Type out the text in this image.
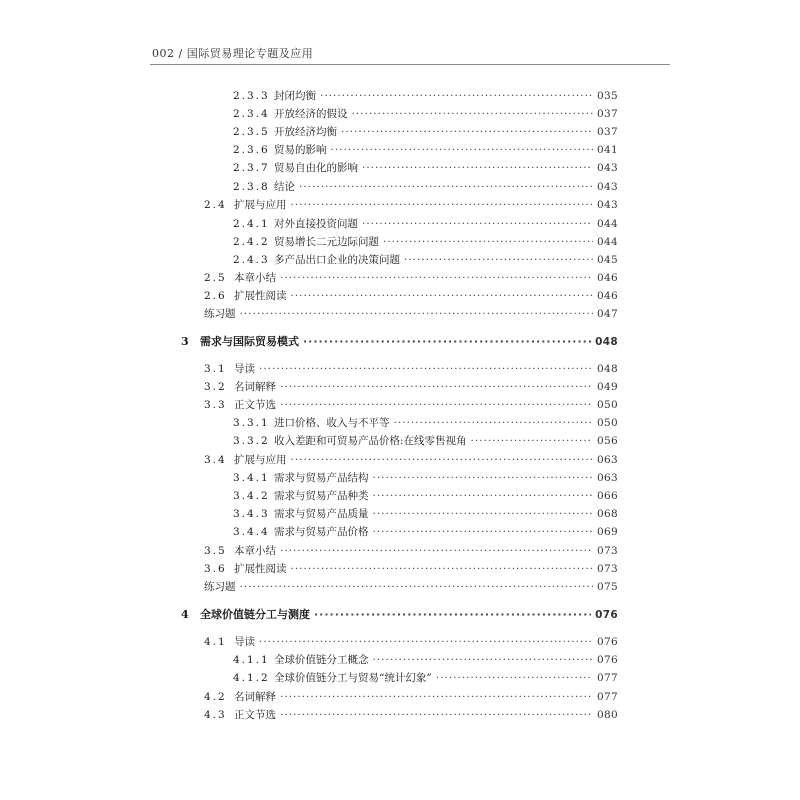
002 / 国际贸易理论专题及应用
2.3.3 封闭均衡 ·····	035
2.3.4 开放经济的假设 ·····	037
2.3.5 开放经济均衡 ·····	037
2.3.6 贸易的影响 ·····	041
2.3.7 贸易自由化的影响 ·····	043
2.3.8 结论 ·····	043
2.4 扩展与应用 ·····	043
2.4.1 对外直接投资问题 ·····	044
2.4.2 贸易增长二元边际问题 ·····	044
2.4.3 多产品出口企业的决策问题 ·····	045
2.5 本章小结 ·····	046
2.6 扩展性阅读 ·····	046
练习题 ·····	047
3 需求与国际贸易模式 ·····	048
3.1 导读 ·····	048
3.2 名词解释 ·····	049
3.3 正文节选 ·····	050
3.3.1 进口价格、收入与不平等 ·····	050
3.3.2 收入差距和可贸易产品价格:在线零售视角 ·····	056
3.4 扩展与应用 ·····	063
3.4.1 需求与贸易产品结构 ·····	063
3.4.2 需求与贸易产品种类 ·····	066
3.4.3 需求与贸易产品质量 ·····	068
3.4.4 需求与贸易产品价格 ·····	069
3.5 本章小结 ·····	073
3.6 扩展性阅读 ·····	073
练习题 ·····	075
4 全球价值链分工与测度 ·····	076
4.1 导读 ·····	076
4.1.1 全球价值链分工概念 ·····	076
4.1.2 全球价值链分工与贸易“统计幻象” ·····	077
4.2 名词解释 ·····	077
4.3 正文节选 ·····	080
